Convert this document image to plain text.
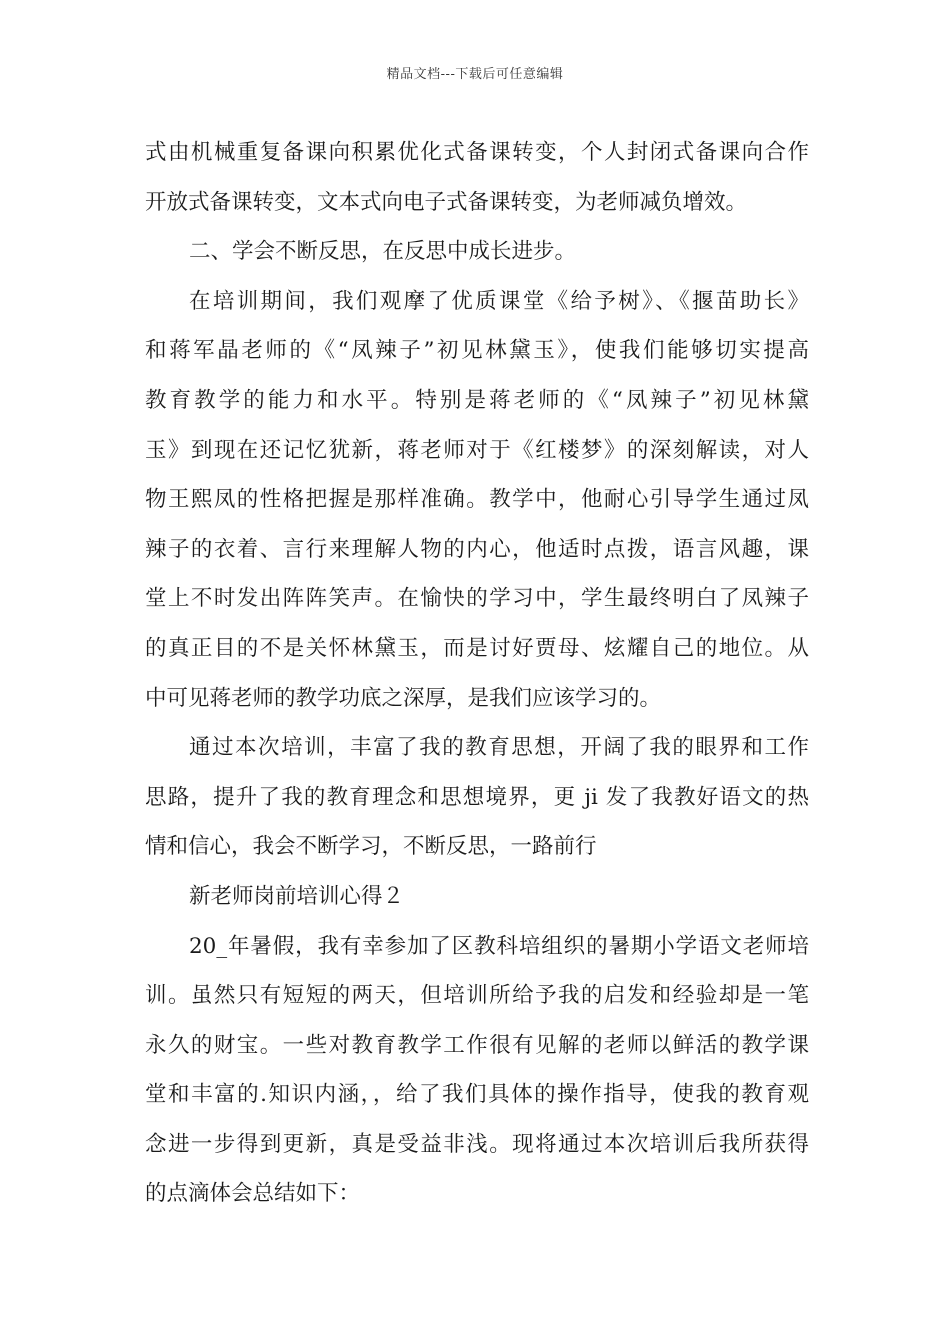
精品文档---下载后可任意编辑
式由机械重复备课向积累优化式备课转变，个人封闭式备课向合作
开放式备课转变，文本式向电子式备课转变，为老师减负增效。
二、学会不断反思，在反思中成长进步。
在培训期间，我们观摩了优质课堂《给予树》、《揠苗助长》
和蒋军晶老师的《“凤辣子”初见林黛玉》，使我们能够切实提高
教育教学的能力和水平。特别是蒋老师的《“凤辣子”初见林黛
玉》到现在还记忆犹新，蒋老师对于《红楼梦》的深刻解读，对人
物王熙凤的性格把握是那样准确。教学中，他耐心引导学生通过凤
辣子的衣着、言行来理解人物的内心，他适时点拨，语言风趣，课
堂上不时发出阵阵笑声。在愉快的学习中，学生最终明白了凤辣子
的真正目的不是关怀林黛玉，而是讨好贾母、炫耀自己的地位。从
中可见蒋老师的教学功底之深厚，是我们应该学习的。
通过本次培训，丰富了我的教育思想，开阔了我的眼界和工作
思路，提升了我的教育理念和思想境界，更 ji 发了我教好语文的热
情和信心，我会不断学习，不断反思，一路前行
新老师岗前培训心得２
20_年暑假，我有幸参加了区教科培组织的暑期小学语文老师培
训。虽然只有短短的两天，但培训所给予我的启发和经验却是一笔
永久的财宝。一些对教育教学工作很有见解的老师以鲜活的教学课
堂和丰富的.知识内涵，，给了我们具体的操作指导，使我的教育观
念进一步得到更新，真是受益非浅。现将通过本次培训后我所获得
的点滴体会总结如下：
